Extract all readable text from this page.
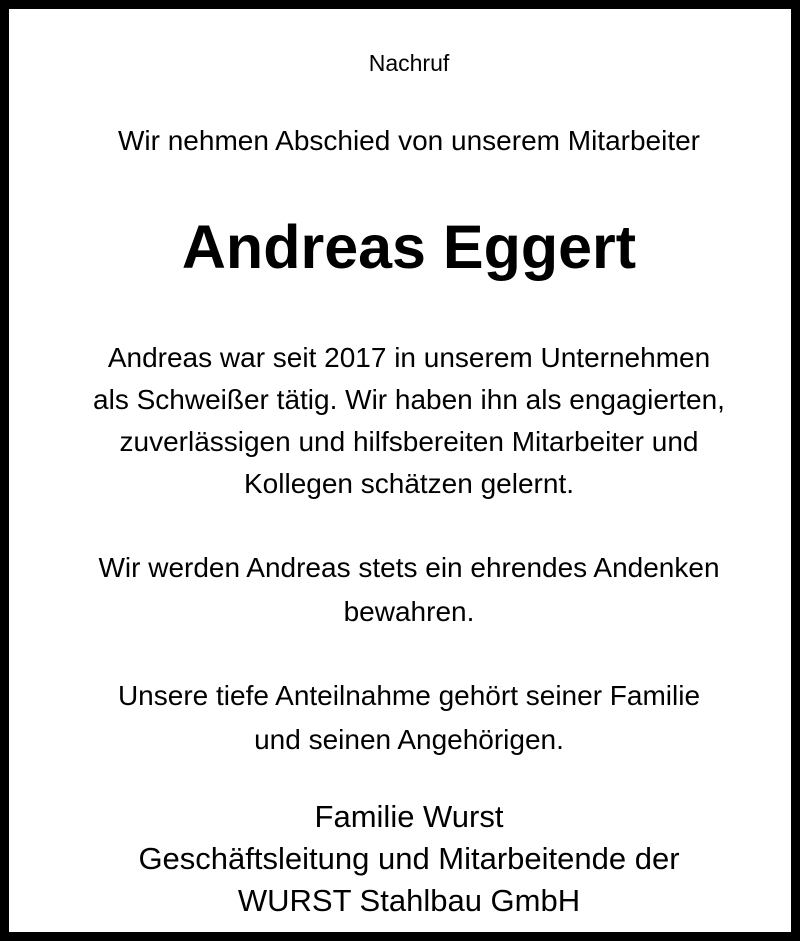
Nachruf
Wir nehmen Abschied von unserem Mitarbeiter
Andreas Eggert
Andreas war seit 2017 in unserem Unternehmen
als Schweißer tätig. Wir haben ihn als engagierten,
zuverlässigen und hilfsbereiten Mitarbeiter und
Kollegen schätzen gelernt.
Wir werden Andreas stets ein ehrendes Andenken
bewahren.
Unsere tiefe Anteilnahme gehört seiner Familie
und seinen Angehörigen.
Familie Wurst
Geschäftsleitung und Mitarbeitende der
WURST Stahlbau GmbH
